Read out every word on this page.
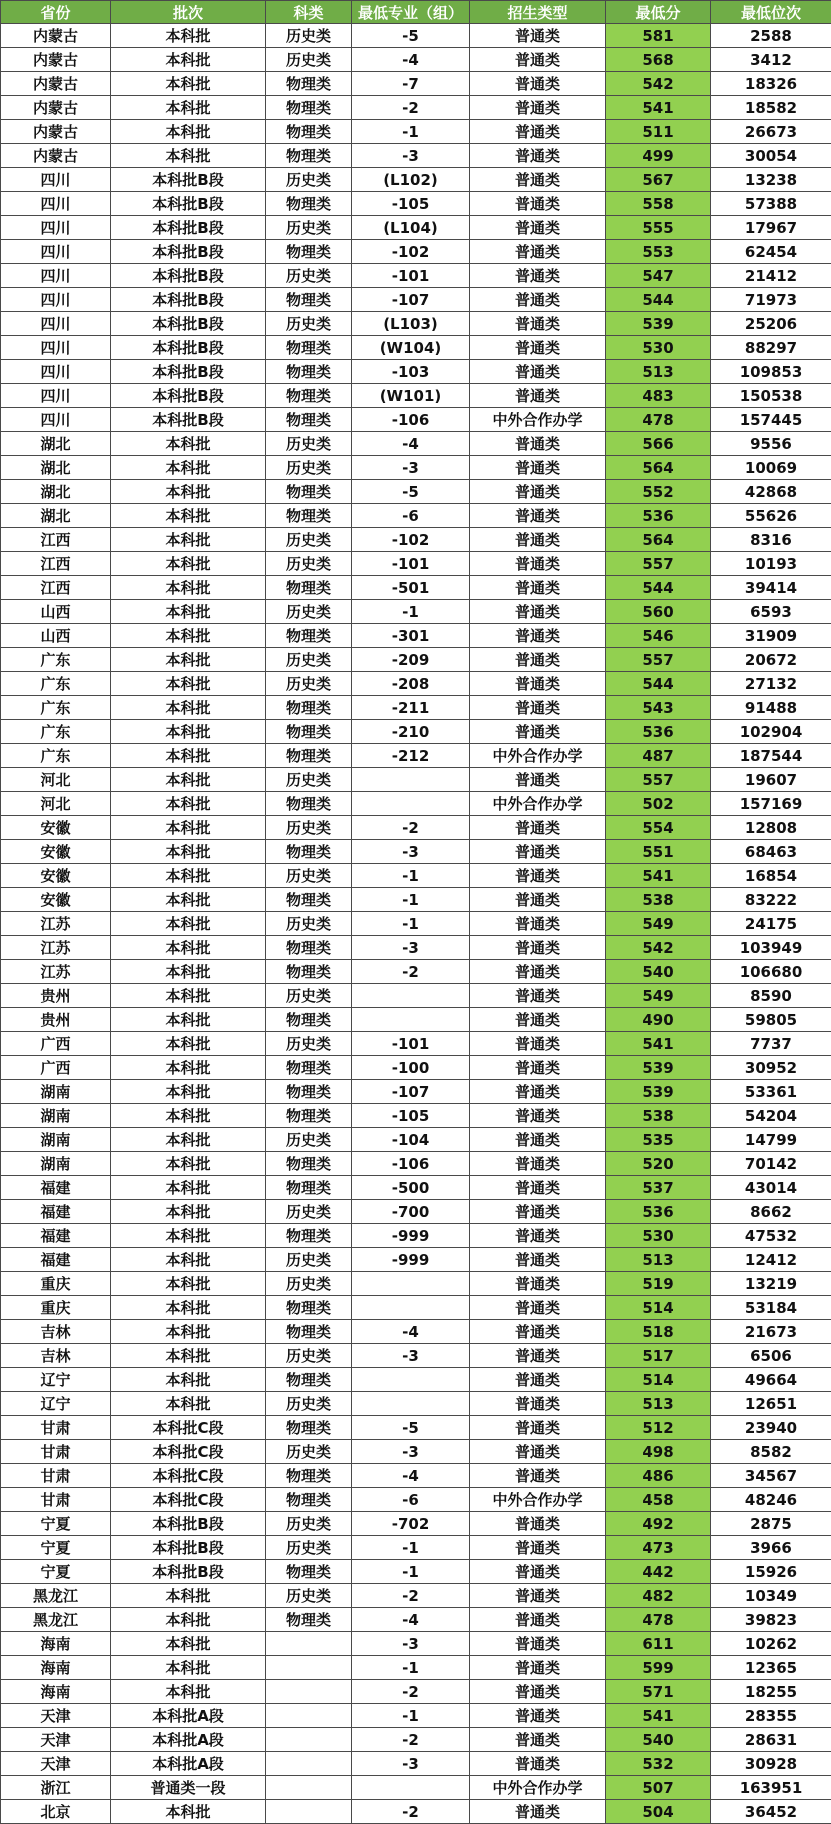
省份	批次	科类	最低专业（组）	招生类型	最低分	最低位次
内蒙古	本科批	历史类	-5	普通类	581	2588
内蒙古	本科批	历史类	-4	普通类	568	3412
内蒙古	本科批	物理类	-7	普通类	542	18326
内蒙古	本科批	物理类	-2	普通类	541	18582
内蒙古	本科批	物理类	-1	普通类	511	26673
内蒙古	本科批	物理类	-3	普通类	499	30054
四川	本科批B段	历史类	(L102)	普通类	567	13238
四川	本科批B段	物理类	-105	普通类	558	57388
四川	本科批B段	历史类	(L104)	普通类	555	17967
四川	本科批B段	物理类	-102	普通类	553	62454
四川	本科批B段	历史类	-101	普通类	547	21412
四川	本科批B段	物理类	-107	普通类	544	71973
四川	本科批B段	历史类	(L103)	普通类	539	25206
四川	本科批B段	物理类	(W104)	普通类	530	88297
四川	本科批B段	物理类	-103	普通类	513	109853
四川	本科批B段	物理类	(W101)	普通类	483	150538
四川	本科批B段	物理类	-106	中外合作办学	478	157445
湖北	本科批	历史类	-4	普通类	566	9556
湖北	本科批	历史类	-3	普通类	564	10069
湖北	本科批	物理类	-5	普通类	552	42868
湖北	本科批	物理类	-6	普通类	536	55626
江西	本科批	历史类	-102	普通类	564	8316
江西	本科批	历史类	-101	普通类	557	10193
江西	本科批	物理类	-501	普通类	544	39414
山西	本科批	历史类	-1	普通类	560	6593
山西	本科批	物理类	-301	普通类	546	31909
广东	本科批	历史类	-209	普通类	557	20672
广东	本科批	历史类	-208	普通类	544	27132
广东	本科批	物理类	-211	普通类	543	91488
广东	本科批	物理类	-210	普通类	536	102904
广东	本科批	物理类	-212	中外合作办学	487	187544
河北	本科批	历史类		普通类	557	19607
河北	本科批	物理类		中外合作办学	502	157169
安徽	本科批	历史类	-2	普通类	554	12808
安徽	本科批	物理类	-3	普通类	551	68463
安徽	本科批	历史类	-1	普通类	541	16854
安徽	本科批	物理类	-1	普通类	538	83222
江苏	本科批	历史类	-1	普通类	549	24175
江苏	本科批	物理类	-3	普通类	542	103949
江苏	本科批	物理类	-2	普通类	540	106680
贵州	本科批	历史类		普通类	549	8590
贵州	本科批	物理类		普通类	490	59805
广西	本科批	历史类	-101	普通类	541	7737
广西	本科批	物理类	-100	普通类	539	30952
湖南	本科批	物理类	-107	普通类	539	53361
湖南	本科批	物理类	-105	普通类	538	54204
湖南	本科批	历史类	-104	普通类	535	14799
湖南	本科批	物理类	-106	普通类	520	70142
福建	本科批	物理类	-500	普通类	537	43014
福建	本科批	历史类	-700	普通类	536	8662
福建	本科批	物理类	-999	普通类	530	47532
福建	本科批	历史类	-999	普通类	513	12412
重庆	本科批	历史类		普通类	519	13219
重庆	本科批	物理类		普通类	514	53184
吉林	本科批	物理类	-4	普通类	518	21673
吉林	本科批	历史类	-3	普通类	517	6506
辽宁	本科批	物理类		普通类	514	49664
辽宁	本科批	历史类		普通类	513	12651
甘肃	本科批C段	物理类	-5	普通类	512	23940
甘肃	本科批C段	历史类	-3	普通类	498	8582
甘肃	本科批C段	物理类	-4	普通类	486	34567
甘肃	本科批C段	物理类	-6	中外合作办学	458	48246
宁夏	本科批B段	历史类	-702	普通类	492	2875
宁夏	本科批B段	历史类	-1	普通类	473	3966
宁夏	本科批B段	物理类	-1	普通类	442	15926
黑龙江	本科批	历史类	-2	普通类	482	10349
黑龙江	本科批	物理类	-4	普通类	478	39823
海南	本科批		-3	普通类	611	10262
海南	本科批		-1	普通类	599	12365
海南	本科批		-2	普通类	571	18255
天津	本科批A段		-1	普通类	541	28355
天津	本科批A段		-2	普通类	540	28631
天津	本科批A段		-3	普通类	532	30928
浙江	普通类一段			中外合作办学	507	163951
北京	本科批		-2	普通类	504	36452
